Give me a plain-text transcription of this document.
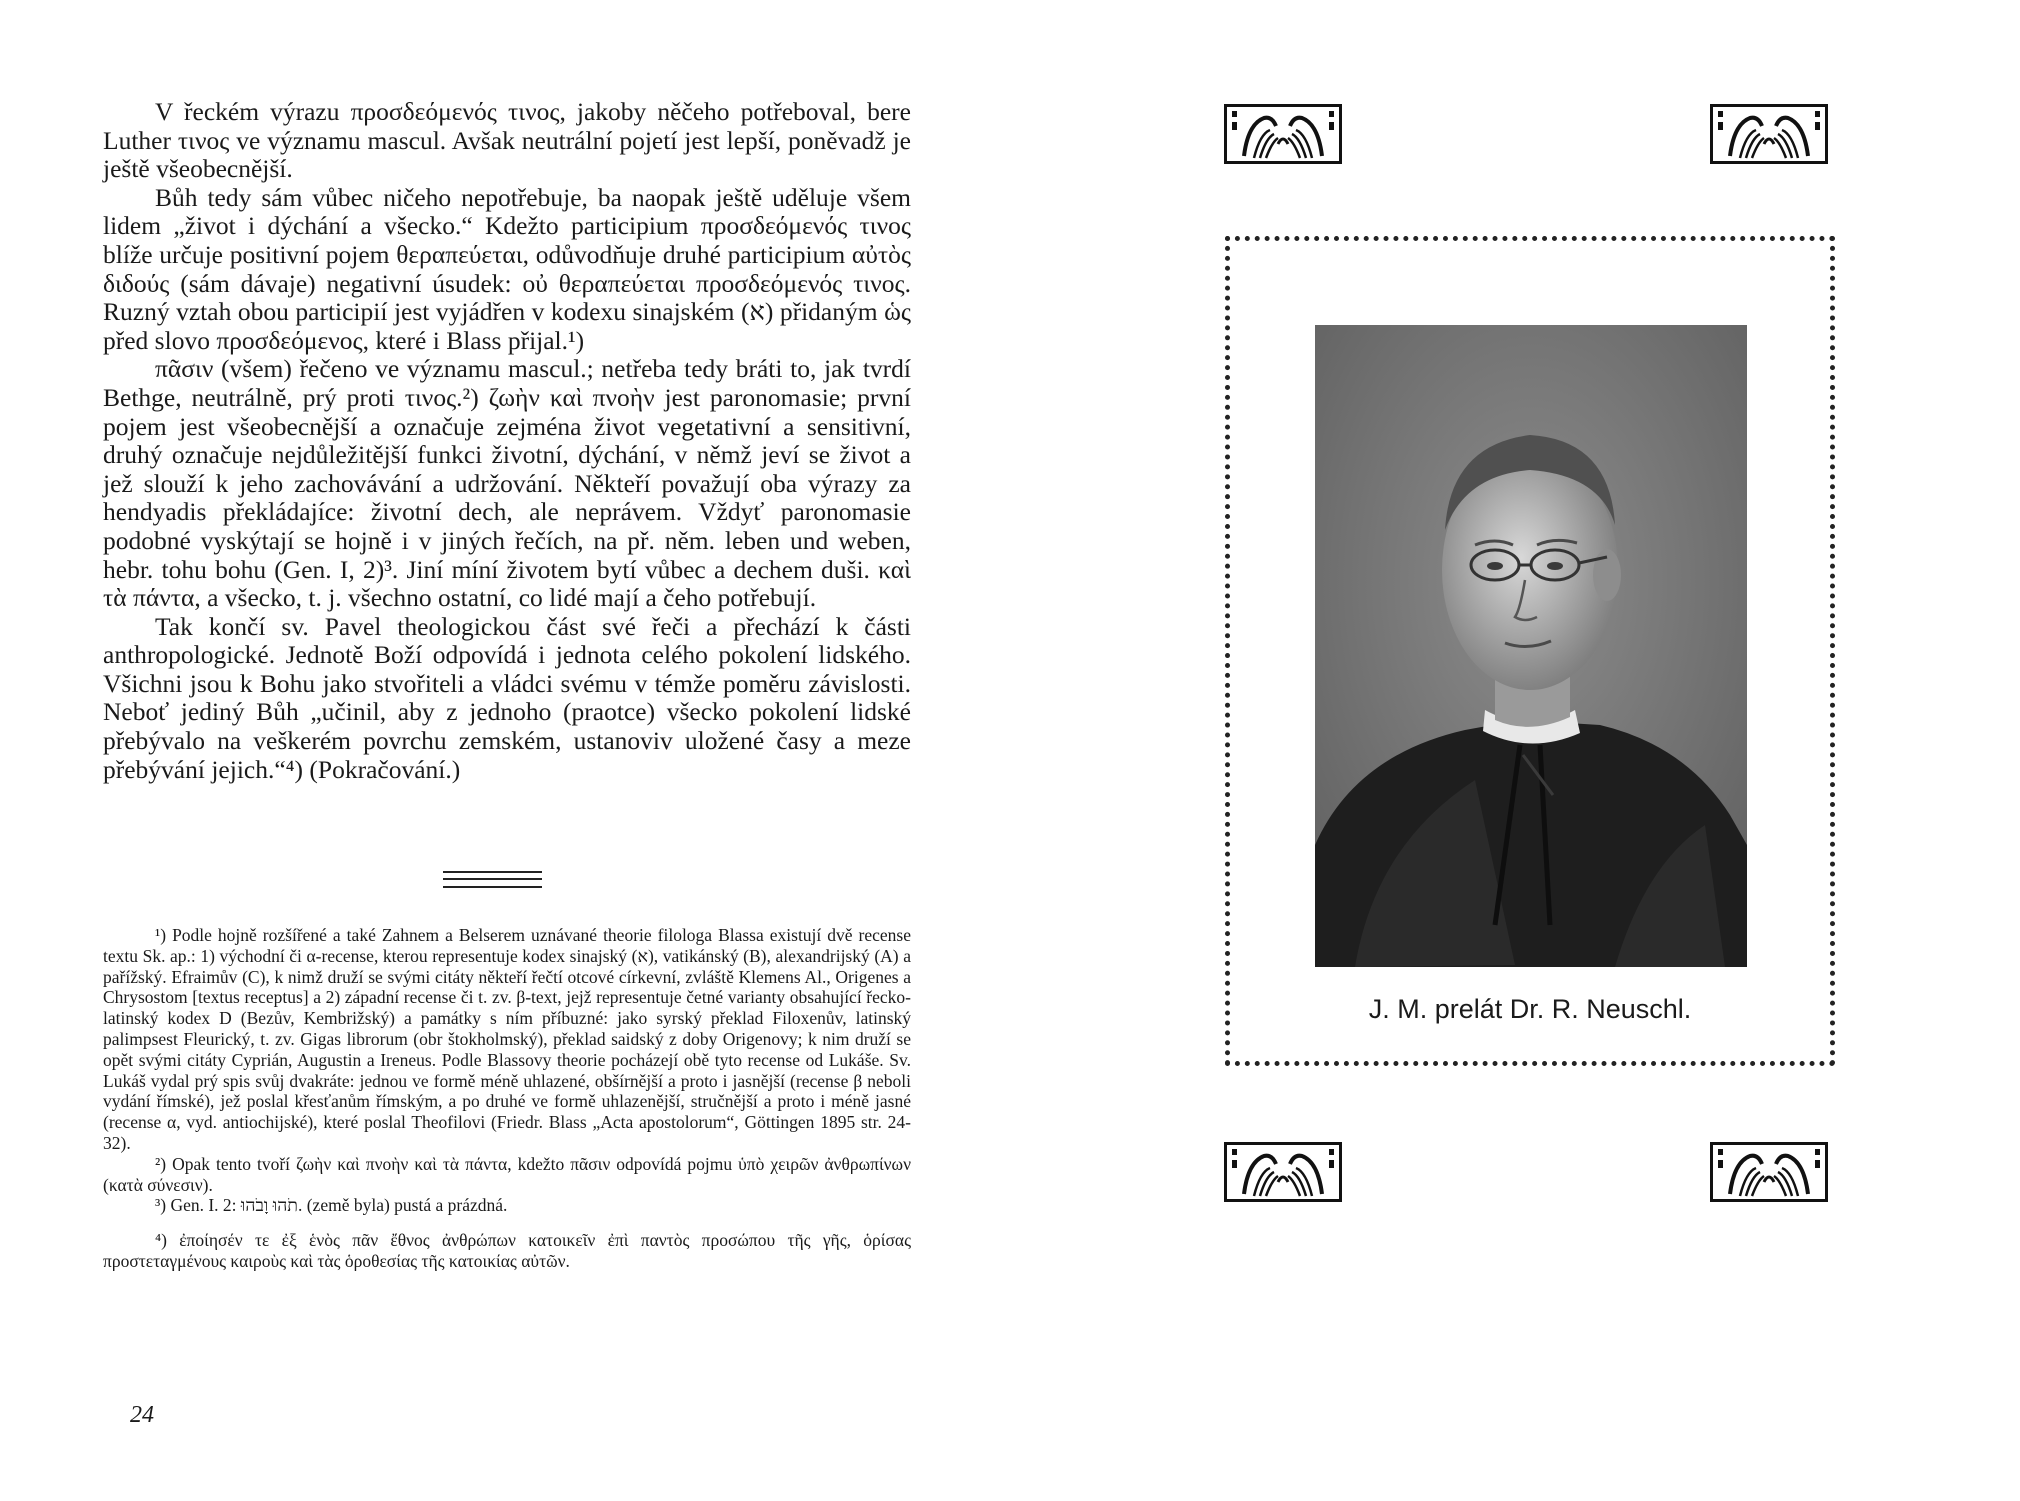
V řeckém výrazu προσδεόμενός τινος, jakoby něčeho potřeboval, bere Luther τινος ve významu mascul. Avšak neutrální pojetí jest lepší, poněvadž je ještě všeobecnější.

Bůh tedy sám vůbec ničeho nepotřebuje, ba naopak ještě uděluje všem lidem „život i dýchání a všecko.“ Kdežto participium προσδεόμενός τινος blíže určuje positivní pojem θεραπεύεται, odůvodňuje druhé participium αὐτὸς διδούς (sám dávaje) negativní úsudek: οὐ θεραπεύεται προσδεόμενός τινος. Ruzný vztah obou participií jest vyjádřen v kodexu sinajském (א) přidaným ὡς před slovo προσδεόμενος, které i Blass přijal.¹)

πᾶσιν (všem) řečeno ve významu mascul.; netřeba tedy bráti to, jak tvrdí Bethge, neutrálně, prý proti τινος.²) ζωὴν καὶ πνοὴν jest paronomasie; první pojem jest všeobecnější a označuje zejména život vegetativní a sensitivní, druhý označuje nejdůležitější funkci životní, dýchání, v němž jeví se život a jež slouží k jeho zachovávání a udržování. Někteří považují oba výrazy za hendyadis překládajíce: životní dech, ale neprávem. Vždyť paronomasie podobné vyskýtají se hojně i v jiných řečích, na př. něm. leben und weben, hebr. tohu bohu (Gen. I, 2)³. Jiní míní životem bytí vůbec a dechem duši. καὶ τὰ πάντα, a všecko, t. j. všechno ostatní, co lidé mají a čeho potřebují.

Tak končí sv. Pavel theologickou část své řeči a přechází k části anthropologické. Jednotě Boží odpovídá i jednota celého pokolení lidského. Všichni jsou k Bohu jako stvořiteli a vládci svému v témže poměru závislosti. Neboť jediný Bůh „učinil, aby z jednoho (praotce) všecko pokolení lidské přebývalo na veškerém povrchu zemském, ustanoviv uložené časy a meze přebývání jejich.“⁴) (Pokračování.)

¹) Podle hojně rozšířené a také Zahnem a Belserem uznávané theorie filologa Blassa existují dvě recense textu Sk. ap.: 1) východní či α-recense, kterou representuje kodex sinajský (א), vatikánský (B), alexandrijský (A) a pařížský. Efraimův (C), k nimž druží se svými citáty někteří řečtí otcové církevní, zvláště Klemens Al., Origenes a Chrysostom [textus receptus] a 2) západní recense či t. zv. β-text, jejž representuje četné varianty obsahující řecko-latinský kodex D (Bezův, Kembrižský) a památky s ním příbuzné: jako syrský překlad Filoxenův, latinský palimpsest Fleurický, t. zv. Gigas librorum (obr štokholmský), překlad saidský z doby Origenovy; k nim druží se opět svými citáty Cyprián, Augustin a Ireneus. Podle Blassovy theorie pocházejí obě tyto recense od Lukáše. Sv. Lukáš vydal prý spis svůj dvakráte: jednou ve formě méně uhlazené, obšírnější a proto i jasnější (recense β neboli vydání římské), jež poslal křesťanům římským, a po druhé ve formě uhlazenější, stručnější a proto i méně jasné (recense α, vyd. antiochijské), které poslal Theofilovi (Friedr. Blass „Acta apostolorum“, Göttingen 1895 str. 24-32).

²) Opak tento tvoří ζωὴν καὶ πνοὴν καὶ τὰ πάντα, kdežto πᾶσιν odpovídá pojmu ὑπὸ χειρῶν ἀνθρωπίνων (κατὰ σύνεσιν).

³) Gen. I. 2: תֹהוּ וָבֹהוּ. (země byla) pustá a prázdná.

⁴) ἐποίησέν τε ἐξ ἑνὸς πᾶν ἔθνος ἀνθρώπων κατοικεῖν ἐπὶ παντὸς προσώπου τῆς γῆς, ὁρίσας προστεταγμένους καιροὺς καὶ τὰς ὁροθεσίας τῆς κατοικίας αὐτῶν.

24
J. M. prelát Dr. R. Neuschl.
